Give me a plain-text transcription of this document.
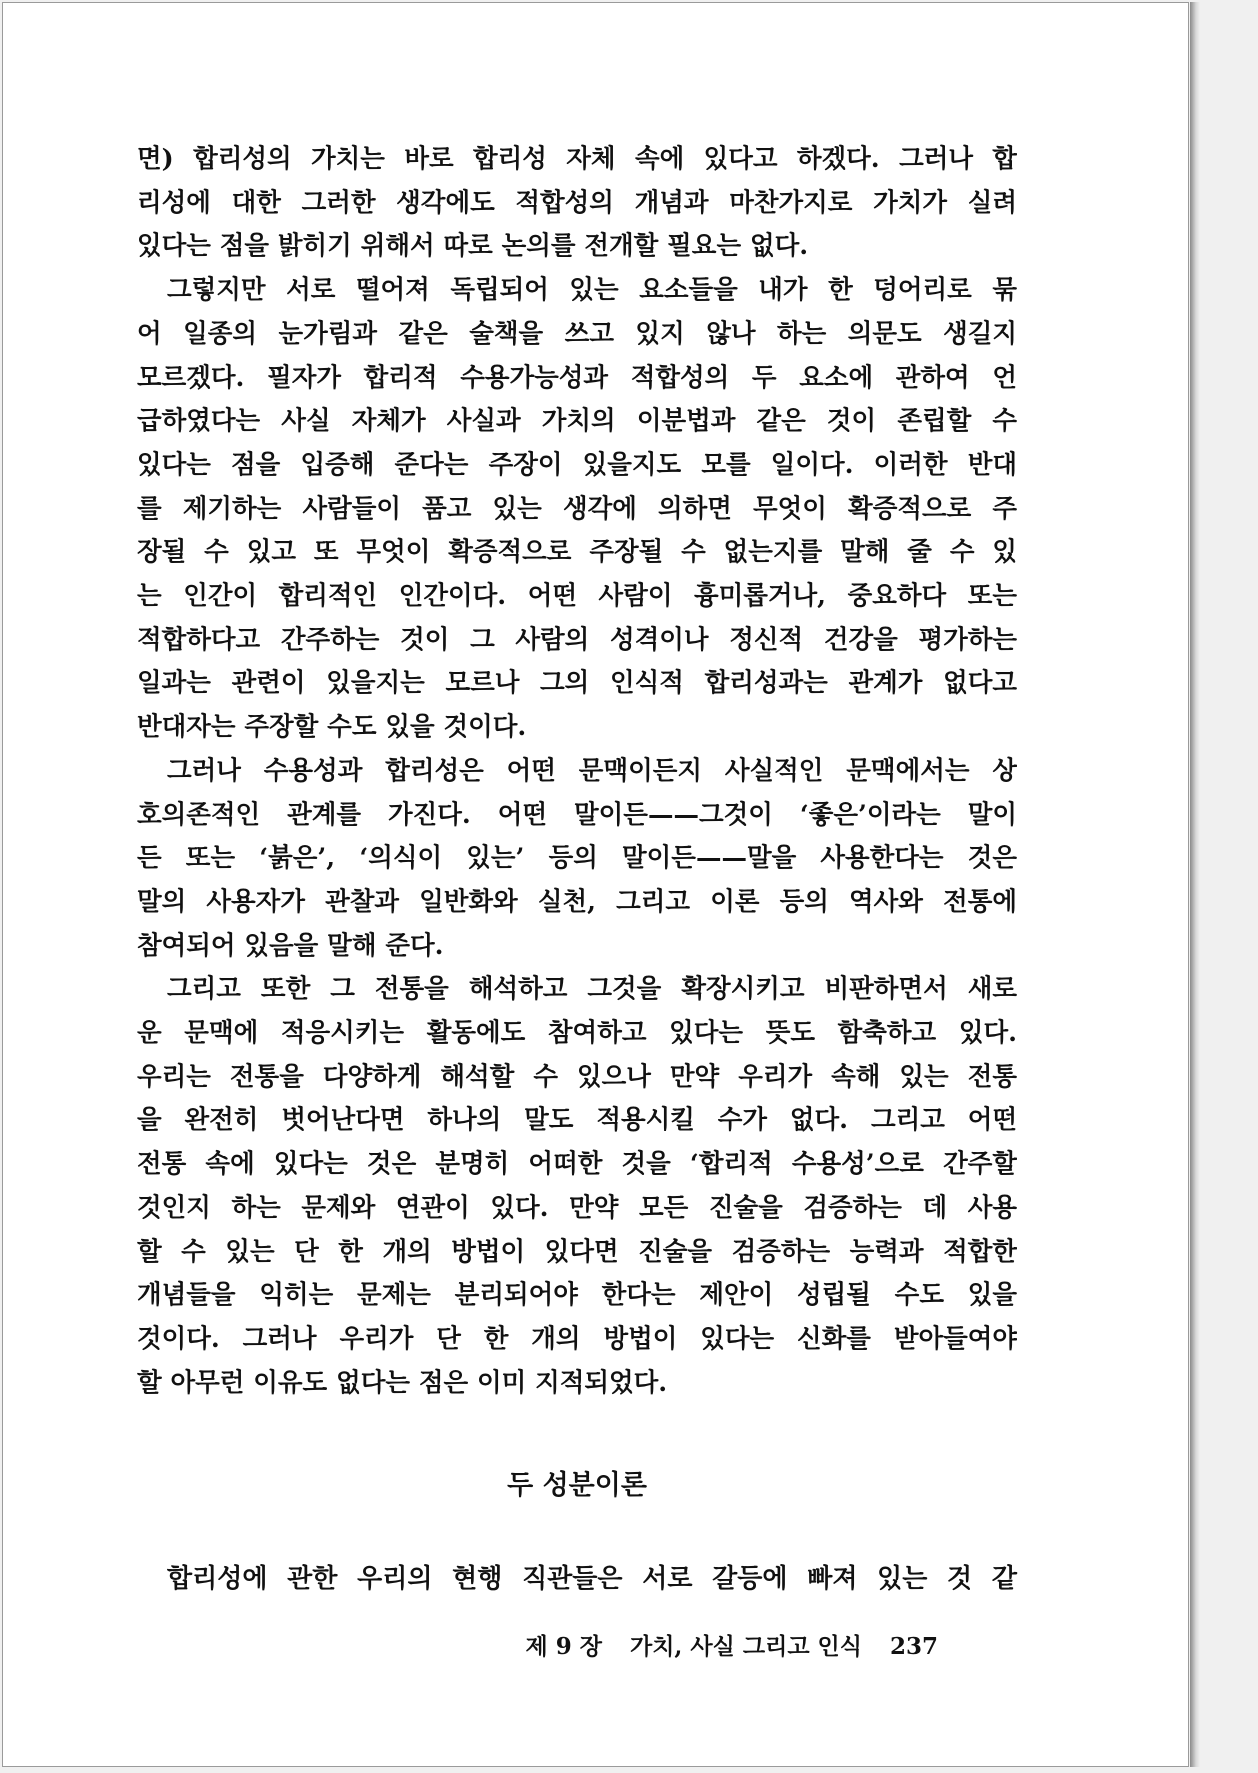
면) 합리성의 가치는 바로 합리성 자체 속에 있다고 하겠다. 그러나 합
리성에 대한 그러한 생각에도 적합성의 개념과 마찬가지로 가치가 실려
있다는 점을 밝히기 위해서 따로 논의를 전개할 필요는 없다.
그렇지만 서로 떨어져 독립되어 있는 요소들을 내가 한 덩어리로 묶
어 일종의 눈가림과 같은 술책을 쓰고 있지 않나 하는 의문도 생길지
모르겠다. 필자가 합리적 수용가능성과 적합성의 두 요소에 관하여 언
급하였다는 사실 자체가 사실과 가치의 이분법과 같은 것이 존립할 수
있다는 점을 입증해 준다는 주장이 있을지도 모를 일이다. 이러한 반대
를 제기하는 사람들이 품고 있는 생각에 의하면 무엇이 확증적으로 주
장될 수 있고 또 무엇이 확증적으로 주장될 수 없는지를 말해 줄 수 있
는 인간이 합리적인 인간이다. 어떤 사람이 흉미롭거나, 중요하다 또는
적합하다고 간주하는 것이 그 사람의 성격이나 정신적 건강을 평가하는
일과는 관련이 있을지는 모르나 그의 인식적 합리성과는 관계가 없다고
반대자는 주장할 수도 있을 것이다.
그러나 수용성과 합리성은 어떤 문맥이든지 사실적인 문맥에서는 상
호의존적인 관계를 가진다. 어떤 말이든——그것이 ‘좋은’이라는 말이
든 또는 ‘붉은’, ‘의식이 있는’ 등의 말이든——말을 사용한다는 것은
말의 사용자가 관찰과 일반화와 실천, 그리고 이론 등의 역사와 전통에
참여되어 있음을 말해 준다.
그리고 또한 그 전통을 해석하고 그것을 확장시키고 비판하면서 새로
운 문맥에 적응시키는 활동에도 참여하고 있다는 뜻도 함축하고 있다.
우리는 전통을 다양하게 해석할 수 있으나 만약 우리가 속해 있는 전통
을 완전히 벗어난다면 하나의 말도 적용시킬 수가 없다. 그리고 어떤
전통 속에 있다는 것은 분명히 어떠한 것을 ‘합리적 수용성’으로 간주할
것인지 하는 문제와 연관이 있다. 만약 모든 진술을 검증하는 데 사용
할 수 있는 단 한 개의 방법이 있다면 진술을 검증하는 능력과 적합한
개념들을 익히는 문제는 분리되어야 한다는 제안이 성립될 수도 있을
것이다. 그러나 우리가 단 한 개의 방법이 있다는 신화를 받아들여야
할 아무런 이유도 없다는 점은 이미 지적되었다.
두 성분이론
합리성에 관한 우리의 현행 직관들은 서로 갈등에 빠져 있는 것 같
제 9 장 가치, 사실 그리고 인식 237
